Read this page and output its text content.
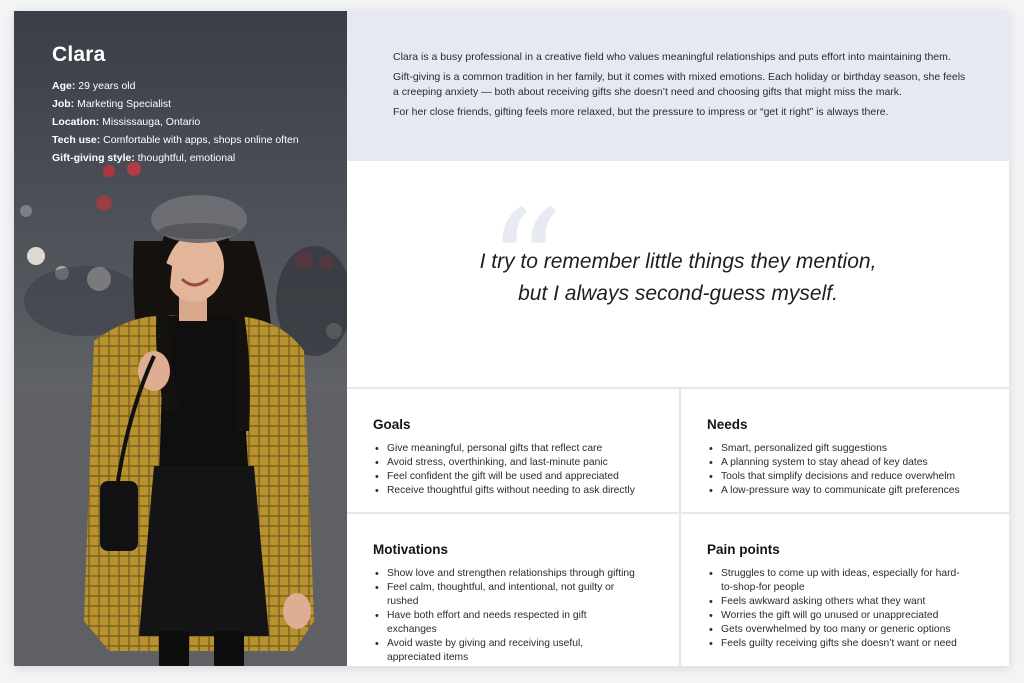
Clara
Age: 29 years old
Job: Marketing Specialist
Location: Mississauga, Ontario
Tech use: Comfortable with apps, shops online often
Gift-giving style: thoughtful, emotional

Clara is a busy professional in a creative field who values meaningful relationships and puts effort into maintaining them.

Gift-giving is a common tradition in her family, but it comes with mixed emotions. Each holiday or birthday season, she feels a creeping anxiety — both about receiving gifts she doesn’t need and choosing gifts that might miss the mark.

For her close friends, gifting feels more relaxed, but the pressure to impress or “get it right” is always there.

“
I try to remember little things they mention,
but I always second-guess myself.
Goals
• Give meaningful, personal gifts that reflect care
• Avoid stress, overthinking, and last-minute panic
• Feel confident the gift will be used and appreciated
• Receive thoughtful gifts without needing to ask directly
Needs
• Smart, personalized gift suggestions
• A planning system to stay ahead of key dates
• Tools that simplify decisions and reduce overwhelm
• A low-pressure way to communicate gift preferences
Motivations
• Show love and strengthen relationships through gifting
• Feel calm, thoughtful, and intentional, not guilty or rushed
• Have both effort and needs respected in gift exchanges
• Avoid waste by giving and receiving useful, appreciated items
Pain points
• Struggles to come up with ideas, especially for hard-to-shop-for people
• Feels awkward asking others what they want
• Worries the gift will go unused or unappreciated
• Gets overwhelmed by too many or generic options
• Feels guilty receiving gifts she doesn’t want or need
